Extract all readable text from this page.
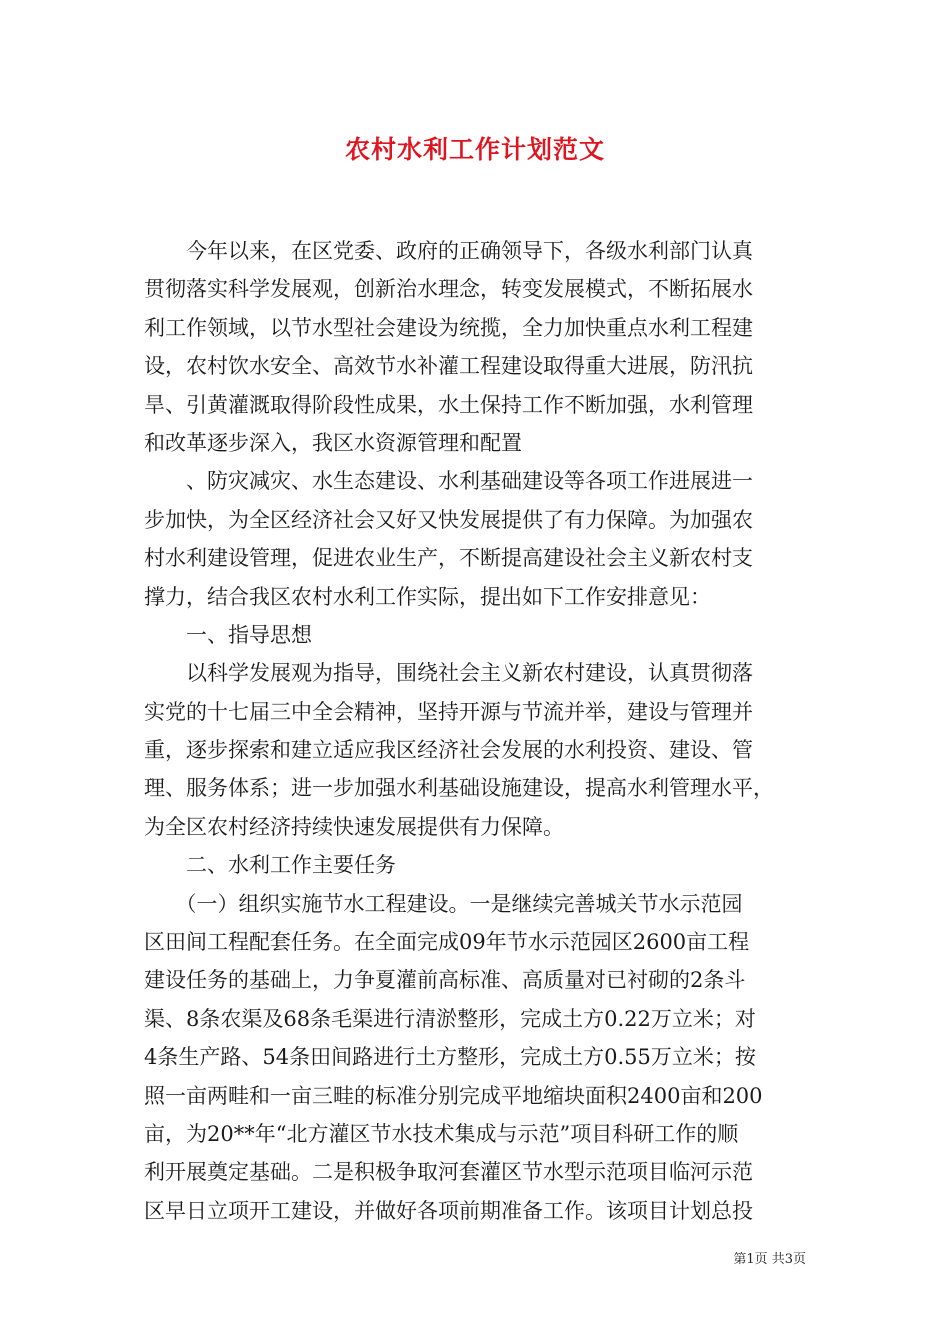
农村水利工作计划范文
　　今年以来，在区党委、政府的正确领导下，各级水利部门认真
贯彻落实科学发展观，创新治水理念，转变发展模式，不断拓展水
利工作领域，以节水型社会建设为统揽，全力加快重点水利工程建
设，农村饮水安全、高效节水补灌工程建设取得重大进展，防汛抗
旱、引黄灌溉取得阶段性成果，水土保持工作不断加强，水利管理
和改革逐步深入，我区水资源管理和配置
　　、防灾减灾、水生态建设、水利基础建设等各项工作进展进一
步加快，为全区经济社会又好又快发展提供了有力保障。为加强农
村水利建设管理，促进农业生产，不断提高建设社会主义新农村支
撑力，结合我区农村水利工作实际，提出如下工作安排意见：
　　一、指导思想
　　以科学发展观为指导，围绕社会主义新农村建设，认真贯彻落
实党的十七届三中全会精神，坚持开源与节流并举，建设与管理并
重，逐步探索和建立适应我区经济社会发展的水利投资、建设、管
理、服务体系；进一步加强水利基础设施建设，提高水利管理水平，
为全区农村经济持续快速发展提供有力保障。
　　二、水利工作主要任务
　　（一）组织实施节水工程建设。一是继续完善城关节水示范园
区田间工程配套任务。在全面完成09年节水示范园区2600亩工程
建设任务的基础上，力争夏灌前高标准、高质量对已衬砌的2条斗
渠、8条农渠及68条毛渠进行清淤整形，完成土方0.22万立米；对
4条生产路、54条田间路进行土方整形，完成土方0.55万立米；按
照一亩两畦和一亩三畦的标准分别完成平地缩块面积2400亩和200
亩，为20**年“北方灌区节水技术集成与示范”项目科研工作的顺
利开展奠定基础。二是积极争取河套灌区节水型示范项目临河示范
区早日立项开工建设，并做好各项前期准备工作。该项目计划总投
第1页 共3页
